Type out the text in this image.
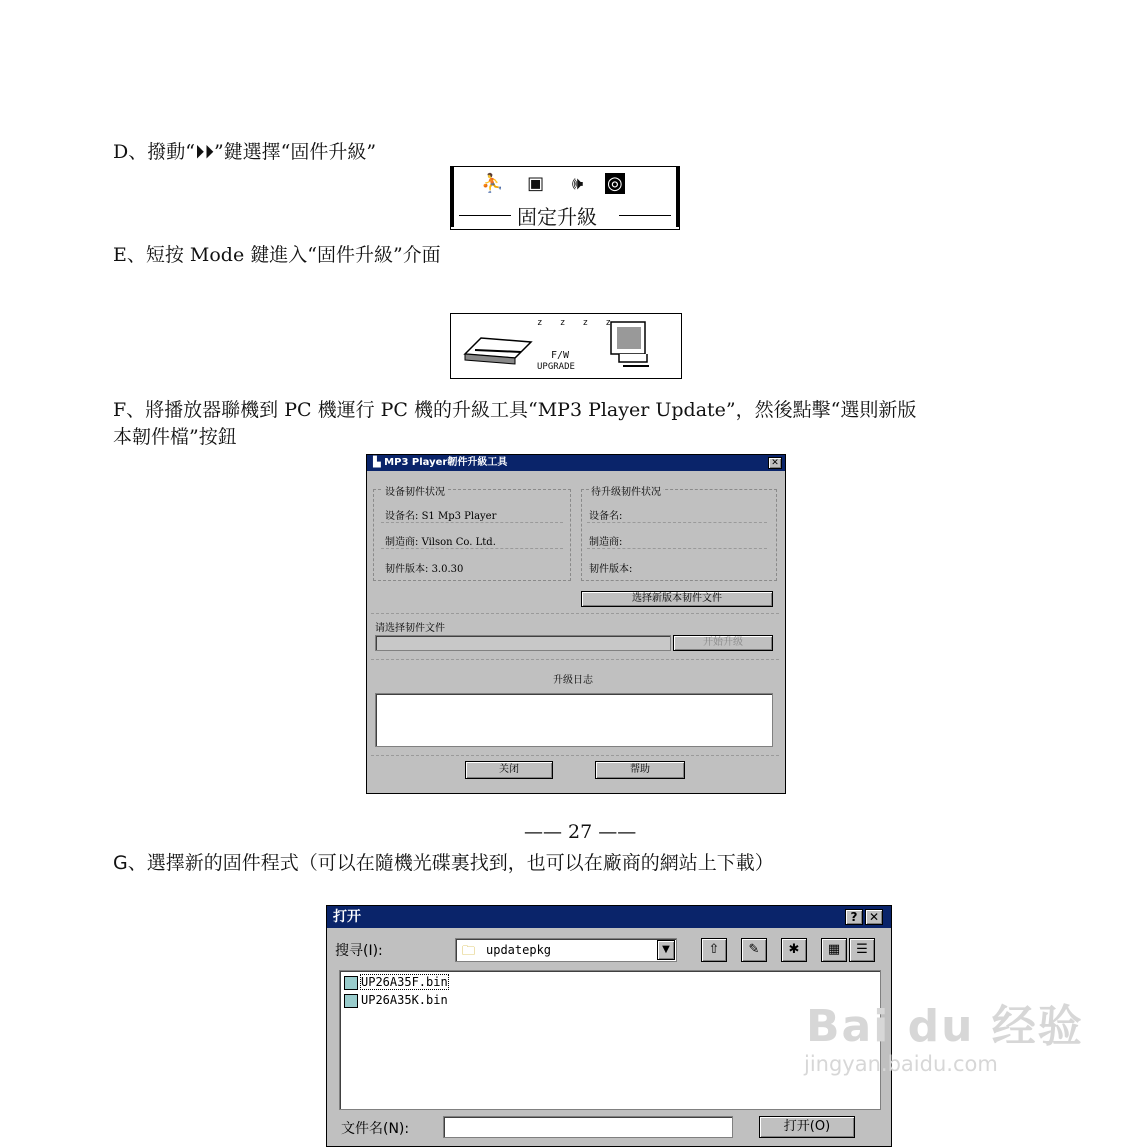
D、撥動“⏵⏵”鍵選擇“固件升級”
⛹ ▣ 🕪 ◎
固定升級
E、短按 Mode 鍵進入“固件升級”介面
z z z z
F/W
UPGRADE
F、將播放器聯機到 PC 機運行 PC 機的升級工具“MP3 Player Update”，然後點擊“選則新版
本韌件檔”按鈕
▙ MP3 Player韌件升級工具	✕
设备韧件状况
设备名: S1 Mp3 Player
制造商: Vilson Co. Ltd.
韧件版本: 3.0.30
待升级韧件状况
设备名:
制造商:
韧件版本:
选择新版本韧件文件
请选择韧件文件
开始升级
升级日志
关闭	帮助
—— 27 ——
G、選擇新的固件程式（可以在隨機光碟裏找到，也可以在廠商的網站上下載）
打开	? ✕
搜寻(I):	🗀 updatepkg	▼	⇧	✎	✱	▦	☰
UP26A35F.bin
UP26A35K.bin
文件名(N):	打开(O)
Bai du 经验
jingyan.baidu.com
